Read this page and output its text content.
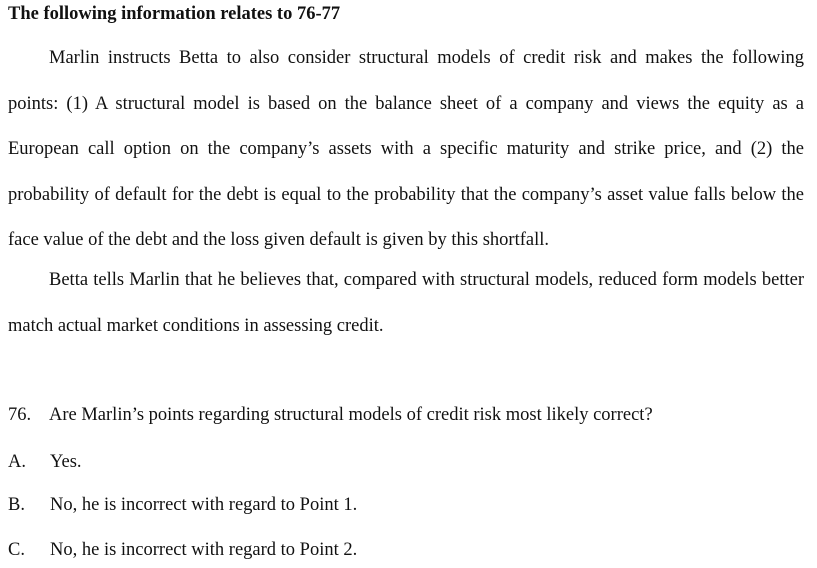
The following information relates to 76-77
Marlin instructs Betta to also consider structural models of credit risk and makes the following points: (1) A structural model is based on the balance sheet of a company and views the equity as a European call option on the company’s assets with a specific maturity and strike price, and (2) the probability of default for the debt is equal to the probability that the company’s asset value falls below the face value of the debt and the loss given default is given by this shortfall.
Betta tells Marlin that he believes that, compared with structural models, reduced form models better match actual market conditions in assessing credit.
76. Are Marlin’s points regarding structural models of credit risk most likely correct?
A. Yes.
B. No, he is incorrect with regard to Point 1.
C. No, he is incorrect with regard to Point 2.
